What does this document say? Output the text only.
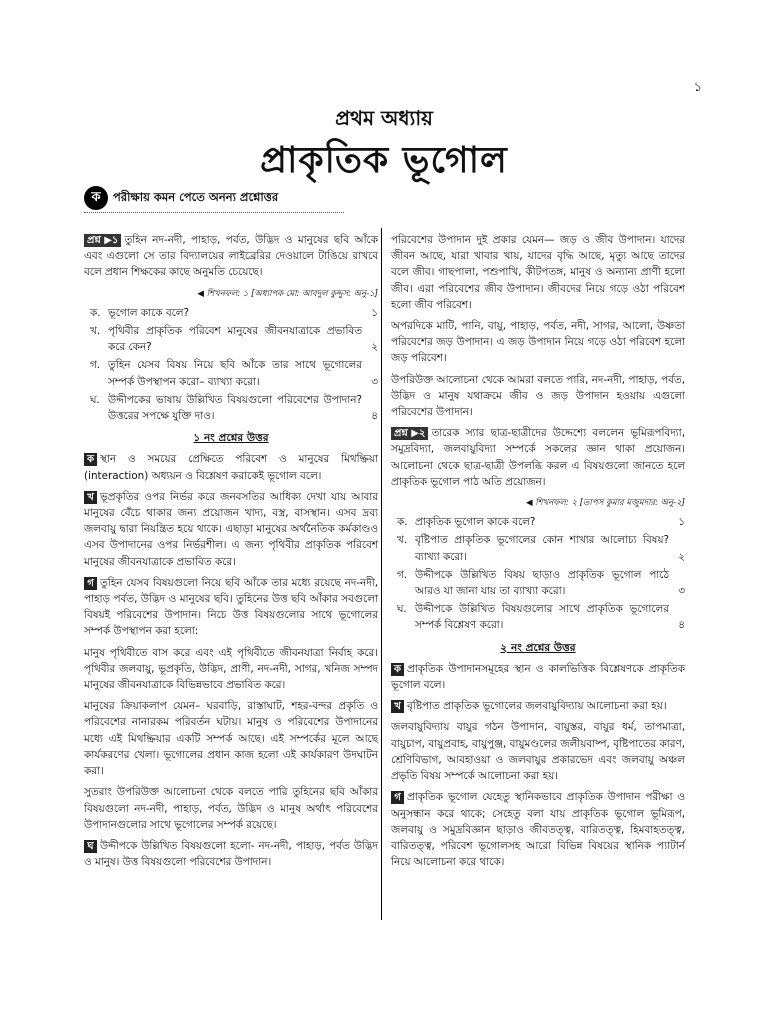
১
প্রথম অধ্যায়
প্রাকৃতিক ভূগোল
ক	পরীক্ষায় কমন পেতে অনন্য প্রশ্নোত্তর

প্রশ্ন ▶১ তুহিন নদ-নদী, পাহাড়, পর্বত, উদ্ভিদ ও মানুষের ছবি আঁকে এবং এগুলো সে তার বিদ্যালয়ের লাইব্রেরির দেওয়ালে টাঙিয়ে রাখবে বলে প্রধান শিক্ষকের কাছে অনুমতি চেয়েছে।

◀ শিখনফল: ১ [অধ্যাপক মো: আবদুল কুদ্দুস: অনু-১]
ক. ভূগোল কাকে বলে?	১
খ. পৃথিবীর প্রাকৃতিক পরিবেশ মানুষের জীবনযাত্রাকে প্রভাবিত করে কেন?	২
গ. তুহিন যেসব বিষয় নিয়ে ছবি আঁকে তার সাথে ভূগোলের সম্পর্ক উপস্থাপন করো– ব্যাখ্যা করো।	৩
ঘ. উদ্দীপকের ভাষায় উল্লিখিত বিষয়গুলো পরিবেশের উপাদান? উত্তরের সপক্ষে যুক্তি দাও।	৪
১ নং প্রশ্নের উত্তর

ক স্থান ও সময়ের প্রেক্ষিতে পরিবেশ ও মানুষের মিথষ্ক্রিয়া (interaction) অধ্যয়ন ও বিশ্লেষণ করাকেই ভূগোল বলে।

খ ভূপ্রকৃতির ওপর নির্ভর করে জনবসতির আধিক্য দেখা যায় আবার মানুষের বেঁচে থাকার জন্য প্রয়োজন খাদ্য, বস্ত্র, বাসস্থান। এসব দ্রব্য জলবায়ু দ্বারা নিয়ন্ত্রিত হয়ে থাকে। এছাড়া মানুষের অর্থনৈতিক কর্মকাণ্ডও এসব উপাদানের ওপর নির্ভরশীল। এ জন্য পৃথিবীর প্রাকৃতিক পরিবেশ মানুষের জীবনযাত্রাকে প্রভাবিত করে।

গ তুহিন যেসব বিষয়গুলো নিয়ে ছবি আঁকে তার মধ্যে রয়েছে নদ-নদী, পাহাড় পর্বত, উদ্ভিদ ও মানুষের ছবি। তুহিনের উত্ত ছবি আঁকার সবগুলো বিষয়ই পরিবেশের উপাদান। নিচে উত্ত বিষয়গুলোর সাথে ভূগোলের সম্পর্ক উপস্থাপন করা হলো:

মানুষ পৃথিবীতে বাস করে এবং এই পৃথিবীতে জীবনযাত্রা নির্বাহ করে। পৃথিবীর জলবায়ু, ভূপ্রকৃতি, উদ্ভিদ, প্রাণী, নদ-নদী, সাগর, খনিজ সম্পদ মানুষের জীবনযাত্রাকে বিভিন্নভাবে প্রভাবিত করে।

মানুষের ক্রিয়াকলাপ যেমন– ঘরবাড়ি, রাস্তাঘাট, শহর-বন্দর প্রকৃতি ও পরিবেশের নানারকম পরিবর্তন ঘটায়। মানুষ ও পরিবেশের উপাদানের মধ্যে এই মিথষ্ক্রিয়ার একটি সম্পর্ক আছে। এই সম্পর্কের মূলে আছে কার্যকরণের খেলা। ভূগোলের প্রধান কাজ হলো এই কার্যকারণ উদঘাটন করা।

সুতরাং উপরিউক্ত আলোচনা থেকে বলতে পারি তুহিনের ছবি আঁকার বিষয়গুলো নদ-নদী, পাহাড়, পর্বত, উদ্ভিদ ও মানুষ অর্থাৎ পরিবেশের উপাদানগুলোর সাথে ভূগোলের সম্পর্ক রয়েছে।

ঘ উদ্দীপকে উল্লিখিত বিষয়গুলো হলো- নদ-নদী, পাহাড়, পর্বত উদ্ভিদ ও মানুষ। উত্ত বিষয়গুলো পরিবেশের উপাদান।

পরিবেশের উপাদান দুই প্রকার যেমন— জড় ও জীব উপাদান। যাদের জীবন আছে, যারা খাবার খায়, যাদের বৃদ্ধি আছে, মৃত্যু আছে তাদের বলে জীব। গাছপালা, পশুপাখি, কীটপতঙ্গ, মানুষ ও অন্যান্য প্রাণী হলো জীব। এরা পরিবেশের জীব উপাদান। জীবদের নিয়ে গড়ে ওঠা পরিবেশ হলো জীব পরিবেশ।

অপরদিকে মাটি, পানি, বায়ু, পাহাড়, পর্বত, নদী, সাগর, আলো, উষ্ণতা পরিবেশের জড় উপাদান। এ জড় উপাদান নিয়ে গড়ে ওঠা পরিবেশ হলো জড় পরিবেশ।

উপরিউক্ত আলোচনা থেকে আমরা বলতে পারি, নদ-নদী, পাহাড়, পর্বত, উদ্ভিদ ও মানুষ যথাক্রমে জীব ও জড় উপাদান হওয়ায় এগুলো পরিবেশের উপাদান।

প্রশ্ন ▶২ তারেক স্যার ছাত্র-ছাত্রীদের উদ্দেশ্যে বললেন ভূমিরূপবিদ্যা, সমুদ্রবিদ্যা, জলবায়ুবিদ্যা সম্পর্কে সকলের জ্ঞান থাকা প্রয়োজন। আলোচনা থেকে ছাত্র-ছাত্রী উপলব্ধি করল এ বিষয়গুলো জানতে হলে প্রাকৃতিক ভূগোল পাঠ অতি প্রয়োজন।

◀ শিখনফল: ২ [তাপস কুমার মজুমদার: অনু-২]
ক. প্রাকৃতিক ভূগোল কাকে বলে?	১
খ. বৃষ্টিপাত প্রাকৃতিক ভূগোলের কোন শাখার আলোচ্য বিষয়? ব্যাখ্যা করো।	২
গ. উদ্দীপকে উল্লিখিত বিষয় ছাড়াও প্রাকৃতিক ভূগোল পাঠে আরও যা জানা যায় তা ব্যাখ্যা করো।	৩
ঘ. উদ্দীপকে উল্লিখিত বিষয়গুলোর সাথে প্রাকৃতিক ভূগোলের সম্পর্ক বিশ্লেষণ করো।	৪
২ নং প্রশ্নের উত্তর

ক প্রাকৃতিক উপাদানসমূহের স্থান ও কালভিত্তিক বিশ্লেষণকে প্রাকৃতিক ভূগোল বলে।

খ বৃষ্টিপাত প্রাকৃতিক ভূগোলের জলবায়ুবিদ্যায় আলোচনা করা হয়।

জলবায়ুবিদ্যায় বায়ুর গঠন উপাদান, বায়ুস্তর, বায়ুর ধর্ম, তাপমাত্রা, বায়ুচাপ, বায়ুপ্রবাহ, বায়ুপুঞ্জ, বায়ুমণ্ডলের জলীয়বাষ্প, বৃষ্টিপাতের কারণ, শ্রেণিবিভাগ, আবহাওয়া ও জলবায়ুর প্রকারভেদ এবং জলবায়ু অঞ্চল প্রভৃতি বিষয় সম্পর্কে আলোচনা করা হয়।

গ প্রাকৃতিক ভূগোল যেহেতু স্থানিকভাবে প্রাকৃতিক উপাদান পরীক্ষা ও অনুসন্ধান করে থাকে; সেহেতু বলা যায় প্রাকৃতিক ভূগোল ভূমিরূপ, জলবায়ু ও সমুদ্রবিজ্ঞান ছাড়াও জীবতত্ত্ব, বারিতত্ত্ব, হিমবাহতত্ত্ব, বারিতত্ত্ব, পরিবেশ ভূগোলসহ আরো বিভিন্ন বিষয়ের স্থানিক প্যাটার্ন নিয়ে আলোচনা করে থাকে।
